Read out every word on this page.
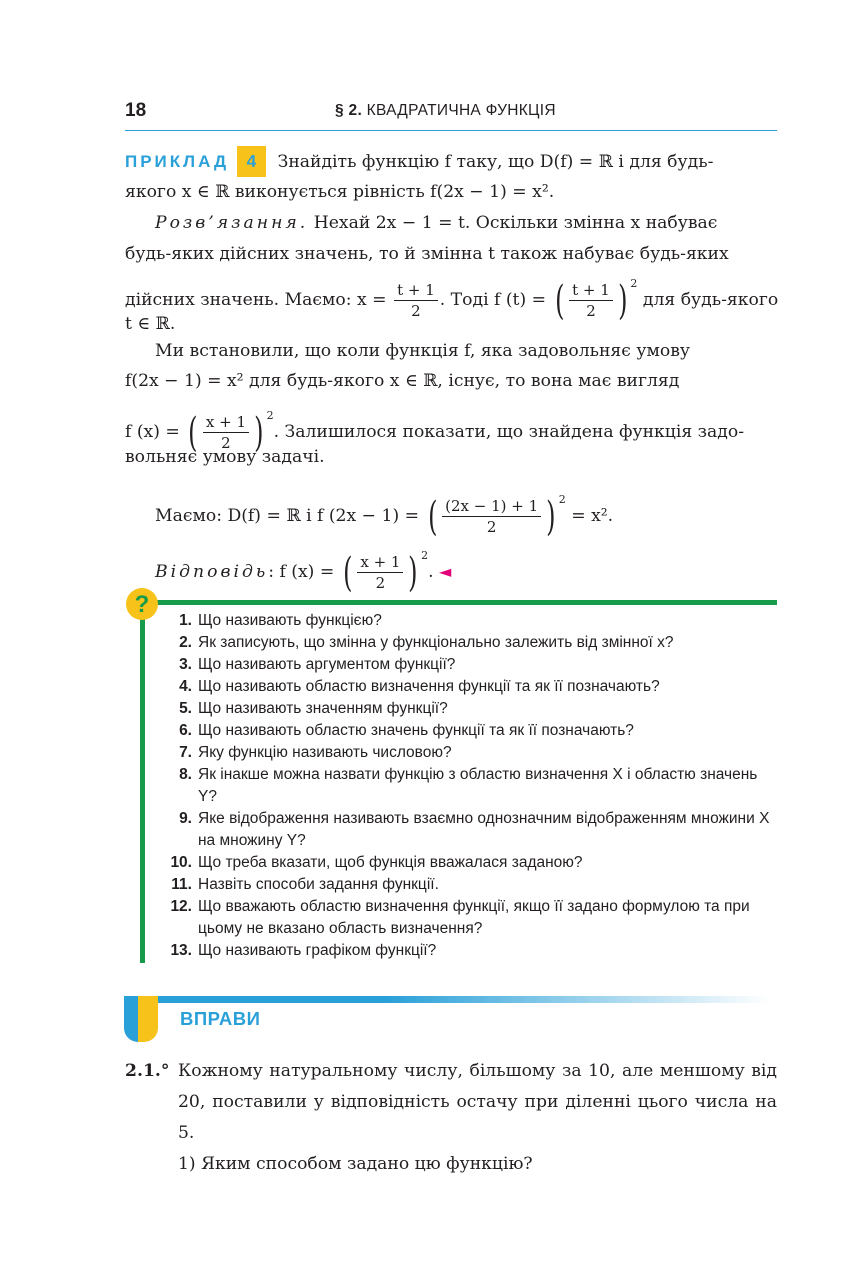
18	§ 2. КВАДРАТИЧНА ФУНКЦІЯ
ПРИКЛАД 4 Знайдіть функцію f таку, що D(f) = ℝ і для будь-
якого x ∈ ℝ виконується рівність f(2x − 1) = x².
Розв’язання. Нехай 2x − 1 = t. Оскільки змінна x набуває
будь-яких дійсних значень, то й змінна t також набуває будь-яких
дійсних значень. Маємо: $x = \frac{t + 1}{2}$ . Тоді f (t) = ( $\frac{t + 1}{2}$ ) $^2$ для будь-якого
t ∈ ℝ.
Ми встановили, що коли функція f, яка задовольняє умову
f(2x − 1) = x² для будь-якого x ∈ ℝ, існує, то вона має вигляд
f (x) = ( $\frac{x + 1}{2}$ ) $^2$. Залишилося показати, що знайдена функція задо-
вольняє умову задачі.
Маємо: D(f) = ℝ і f (2x − 1) = ( $\frac{(2x - 1) + 1}{2}$ ) $^2$ = x².
Відповідь: f (x) = ( $\frac{x + 1}{2}$ ) $^2$. ◄
?
1. Що називають функцією?
2. Як записують, що змінна y функціонально залежить від змінної x?
3. Що називають аргументом функції?
4. Що називають областю визначення функції та як її позначають?
5. Що називають значенням функції?
6. Що називають областю значень функції та як її позначають?
7. Яку функцію називають числовою?
8. Як інакше можна назвати функцію з областю визначення X і областю значень Y?
9. Яке відображення називають взаємно однозначним відображенням множини X на множину Y?
10. Що треба вказати, щоб функція вважалася заданою?
11. Назвіть способи задання функції.
12. Що вважають областю визначення функції, якщо її задано формулою та при цьому не вказано область визначення?
13. Що називають графіком функції?
ВПРАВИ
2.1.° Кожному натуральному числу, більшому за 10, але меншому від 20, поставили у відповідність остачу при діленні цього числа на 5.
1) Яким способом задано цю функцію?
